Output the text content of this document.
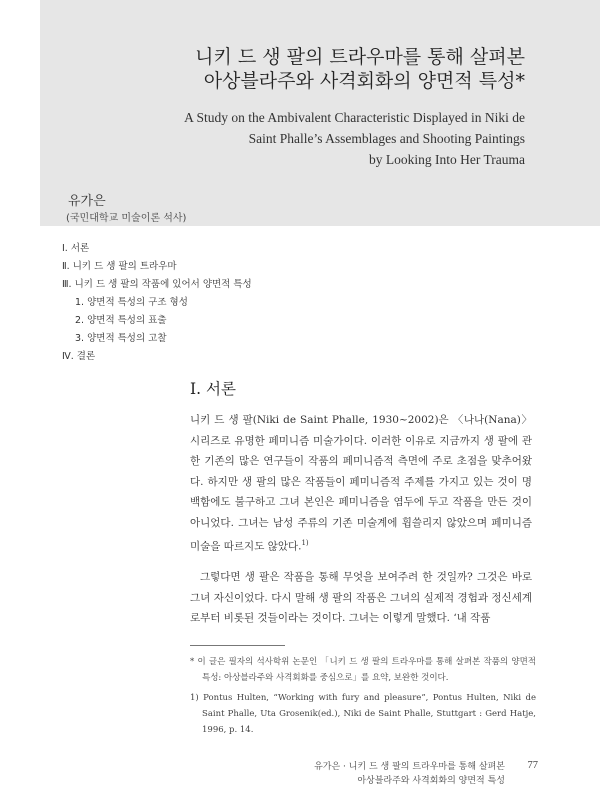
니키 드 생 팔의 트라우마를 통해 살펴본
아상블라주와 사격회화의 양면적 특성*
A Study on the Ambivalent Characteristic Displayed in Niki de
Saint Phalle’s Assemblages and Shooting Paintings
by Looking Into Her Trauma
유가은
(국민대학교 미술이론 석사)
Ⅰ. 서론
Ⅱ. 니키 드 생 팔의 트라우마
Ⅲ. 니키 드 생 팔의 작품에 있어서 양면적 특성
1. 양면적 특성의 구조 형성
2. 양면적 특성의 표출
3. 양면적 특성의 고찰
Ⅳ. 결론
Ⅰ. 서론

니키 드 생 팔(Niki de Saint Phalle, 1930~2002)은 〈나나(Nana)〉 시리즈로 유명한 페미니즘 미술가이다. 이러한 이유로 지금까지 생 팔에 관한 기존의 많은 연구들이 작품의 페미니즘적 측면에 주로 초점을 맞추어왔다. 하지만 생 팔의 많은 작품들이 페미니즘적 주제를 가지고 있는 것이 명백함에도 불구하고 그녀 본인은 페미니즘을 염두에 두고 작품을 만든 것이 아니었다. 그녀는 남성 주류의 기존 미술계에 휩쓸리지 않았으며 페미니즘 미술을 따르지도 않았다.$^{1)}$

그렇다면 생 팔은 작품을 통해 무엇을 보여주려 한 것일까? 그것은 바로 그녀 자신이었다. 다시 말해 생 팔의 작품은 그녀의 실제적 경험과 정신세계로부터 비롯된 것들이라는 것이다. 그녀는 이렇게 말했다. ‘내 작품

* 이 글은 필자의 석사학위 논문인 「니키 드 생 팔의 트라우마를 통해 살펴본 작품의 양면적 특성: 아상블라주와 사격회화를 중심으로」를 요약, 보완한 것이다.
1) Pontus Hulten, “Working with fury and pleasure”, Pontus Hulten, Niki de Saint Phalle, Uta Grosenik(ed.), Niki de Saint Phalle, Stuttgart : Gerd Hatje, 1996, p. 14.
유가은 · 니키 드 생 팔의 트라우마를 통해 살펴본
아상블라주와 사격회화의 양면적 특성
77
